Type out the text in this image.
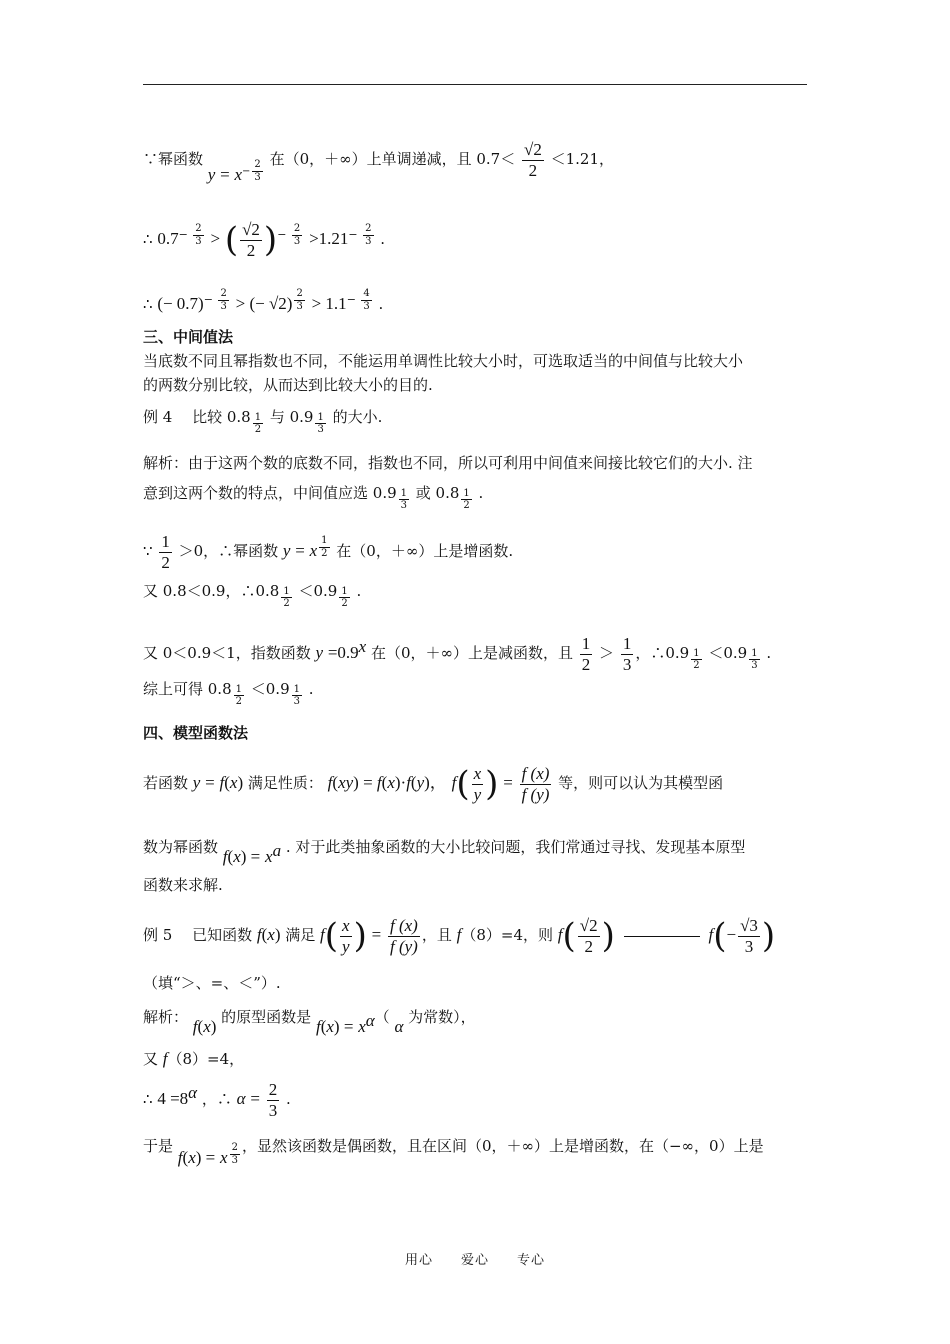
∵幂函数 $y = x^{- \frac{2}{3}}$ 在（0，＋∞）上单调递减，且 $0.7< \frac{√2}{2} <1.21$，
∴ $0.7^{- \frac{2}{3}}$ > ( $\frac{√2}{2} )^{- \frac{2}{3}} >1.21^{- \frac{2}{3}}$ .
∴ (− 0.7)$^{- \frac{2}{3}}$ > (− √2) $^{\frac{2}{3}} > 1.1^{- \frac{4}{3}}$ .
三、中间值法
当底数不同且幂指数也不同，不能运用单调性比较大小时，可选取适当的中间值与比较大小
的两数分别比较，从而达到比较大小的目的.
例 4　 比较 0.8 $_{\frac{1}{2}}$ 与 0.9 $_{\frac{1}{3}}$ 的大小.
解析：由于这两个数的底数不同，指数也不同，所以可利用中间值来间接比较它们的大小. 注
意到这两个数的特点，中间值应选 0.9 $_{\frac{1}{3}}$ 或 0.8 $_{\frac{1}{2}}$ .
∵ $\frac{1}{2} >0$，∴幂函数 y = x $^{\frac{1}{2}}$ 在（0，＋∞）上是增函数.
又 0.8＜0.9，∴0.8 $_{\frac{1}{2}}$ ＜0.9 $_{\frac{1}{2}}$ .
又 0＜0.9＜1，指数函数 $y =0.9^x$ 在（0，＋∞）上是减函数，且 $\frac{1}{2} > \frac{1}{3}$ ，∴0.9 $_{\frac{1}{2}}$ ＜0.9 $_{\frac{1}{3}}$ .
综上可得 0.8 $_{\frac{1}{2}}$ ＜0.9 $_{\frac{1}{3}}$ .
四、模型函数法
若函数 y = f(x) 满足性质： f(xy) = f(x)·f(y)， $f( \frac{x}{y}$ ) = $\frac{f (x)}{f (y)}$ 等，则可以认为其模型函
数为幂函数 $f(x) = x^a$ . 对于此类抽象函数的大小比较问题，我们常通过寻找、发现基本原型
函数来求解.
例 5　 已知函数 f(x) 满足 $f( \frac{x}{y}$ ) = $\frac{f (x)}{f (y)}$ ，且 f（8）=4，则 $f( \frac{√2}{2}$ )	$f(- \frac{√3}{3}$ )
（填“＞、=、＜”）.
解析： f(x) 的原型函数是 $f(x) = x^\alpha$（ α 为常数），
又 f（8）=4，
∴ $4 =8^\alpha$ ，∴ $\alpha = \frac{2}{3}$ .
于是 f(x) = x $^{\frac{2}{3}}$ ，显然该函数是偶函数，且在区间（0，＋∞）上是增函数，在（−∞，0）上是
用心　　爱心　　专心
